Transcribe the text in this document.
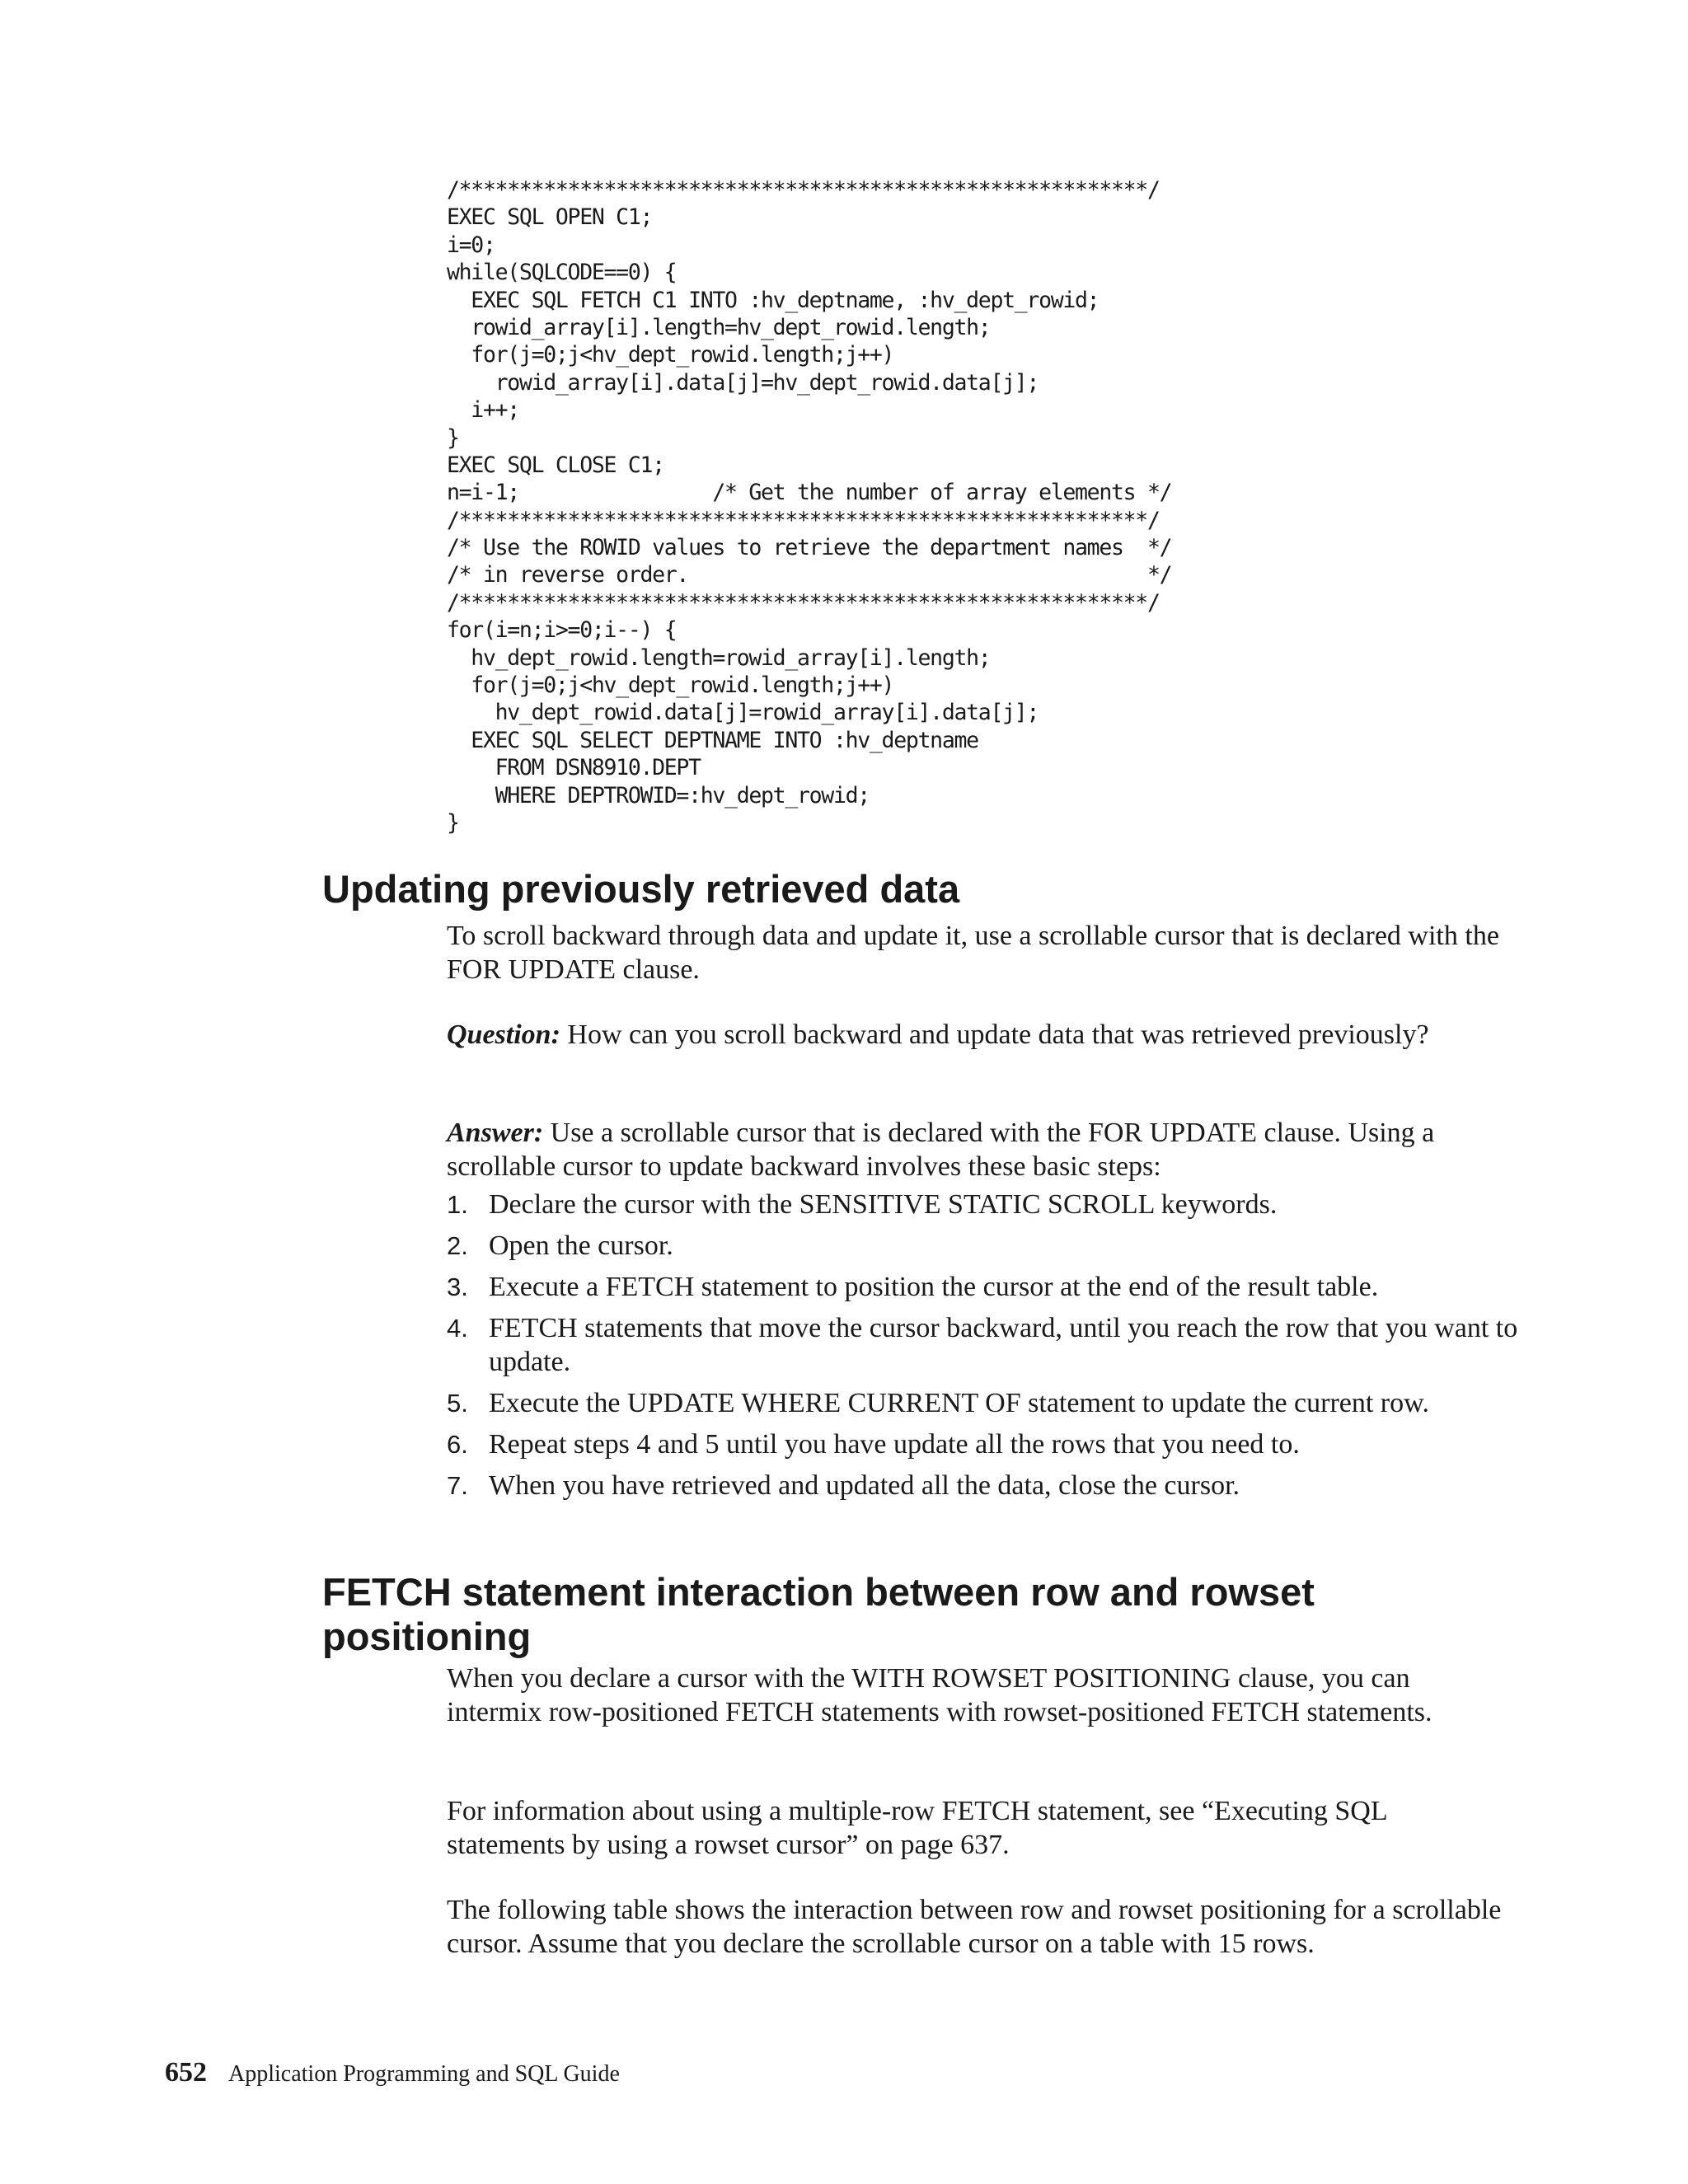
/*********************************************************/
EXEC SQL OPEN C1;
i=0;
while(SQLCODE==0) {
EXEC SQL FETCH C1 INTO :hv_deptname, :hv_dept_rowid;
rowid_array[i].length=hv_dept_rowid.length;
for(j=0;j<hv_dept_rowid.length;j++)
rowid_array[i].data[j]=hv_dept_rowid.data[j];
i++;
}
EXEC SQL CLOSE C1;
n=i-1;                /* Get the number of array elements */
/*********************************************************/
/* Use the ROWID values to retrieve the department names  */
/* in reverse order.                                      */
/*********************************************************/
for(i=n;i>=0;i--) {
hv_dept_rowid.length=rowid_array[i].length;
for(j=0;j<hv_dept_rowid.length;j++)
hv_dept_rowid.data[j]=rowid_array[i].data[j];
EXEC SQL SELECT DEPTNAME INTO :hv_deptname
FROM DSN8910.DEPT
WHERE DEPTROWID=:hv_dept_rowid;
}
Updating previously retrieved data

To scroll backward through data and update it, use a scrollable cursor that is declared with the FOR UPDATE clause.

Question: How can you scroll backward and update data that was retrieved previously?

Answer: Use a scrollable cursor that is declared with the FOR UPDATE clause. Using a scrollable cursor to update backward involves these basic steps:

1. Declare the cursor with the SENSITIVE STATIC SCROLL keywords.
2. Open the cursor.
3. Execute a FETCH statement to position the cursor at the end of the result table.
4. FETCH statements that move the cursor backward, until you reach the row that you want to update.
5. Execute the UPDATE WHERE CURRENT OF statement to update the current row.
6. Repeat steps 4 and 5 until you have update all the rows that you need to.
7. When you have retrieved and updated all the data, close the cursor.
FETCH statement interaction between row and rowset positioning

When you declare a cursor with the WITH ROWSET POSITIONING clause, you can intermix row-positioned FETCH statements with rowset-positioned FETCH statements.

For information about using a multiple-row FETCH statement, see “Executing SQL statements by using a rowset cursor” on page 637.

The following table shows the interaction between row and rowset positioning for a scrollable cursor. Assume that you declare the scrollable cursor on a table with 15 rows.

652 Application Programming and SQL Guide
